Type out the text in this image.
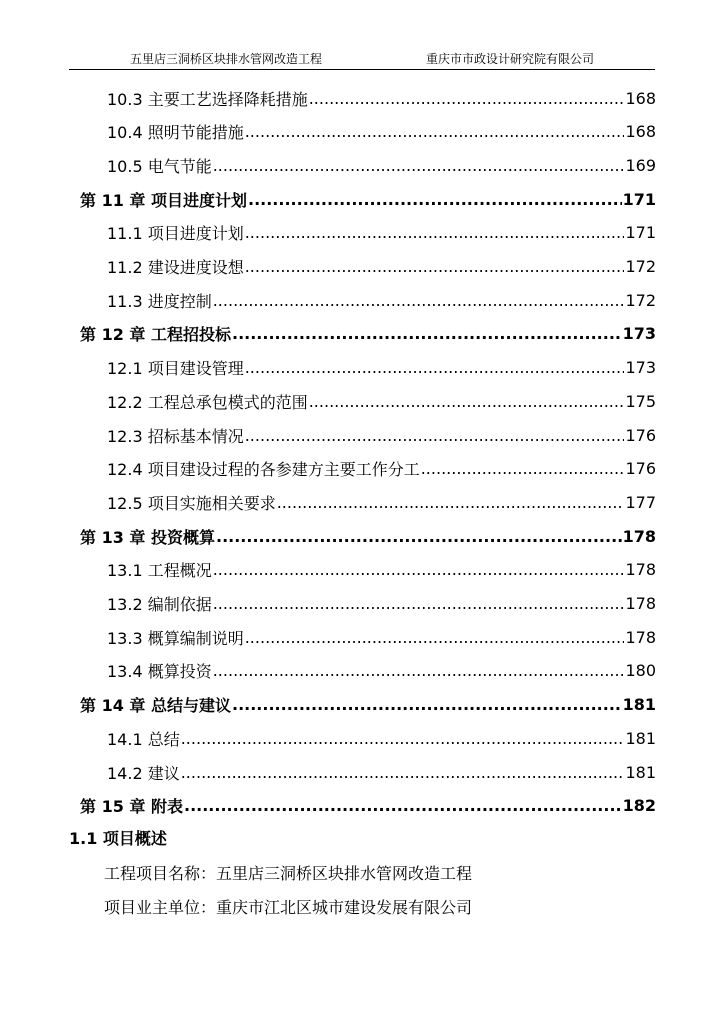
五里店三洞桥区块排水管网改造工程	重庆市市政设计研究院有限公司
10.3 主要工艺选择降耗措施 .....	168
10.4 照明节能措施 .....	168
10.5 电气节能 .....	169
第 11 章 项目进度计划 .....	171
11.1 项目进度计划 .....	171
11.2 建设进度设想 .....	172
11.3 进度控制 .....	172
第 12 章 工程招投标 .....	173
12.1 项目建设管理 .....	173
12.2 工程总承包模式的范围 .....	175
12.3 招标基本情况 .....	176
12.4 项目建设过程的各参建方主要工作分工 .....	176
12.5 项目实施相关要求 .....	177
第 13 章 投资概算 .....	178
13.1 工程概况 .....	178
13.2 编制依据 .....	178
13.3 概算编制说明 .....	178
13.4 概算投资 .....	180
第 14 章 总结与建议 .....	181
14.1 总结 .....	181
14.2 建议 .....	181
第 15 章 附表 .....	182
1.1 项目概述
工程项目名称：五里店三洞桥区块排水管网改造工程
项目业主单位：重庆市江北区城市建设发展有限公司
